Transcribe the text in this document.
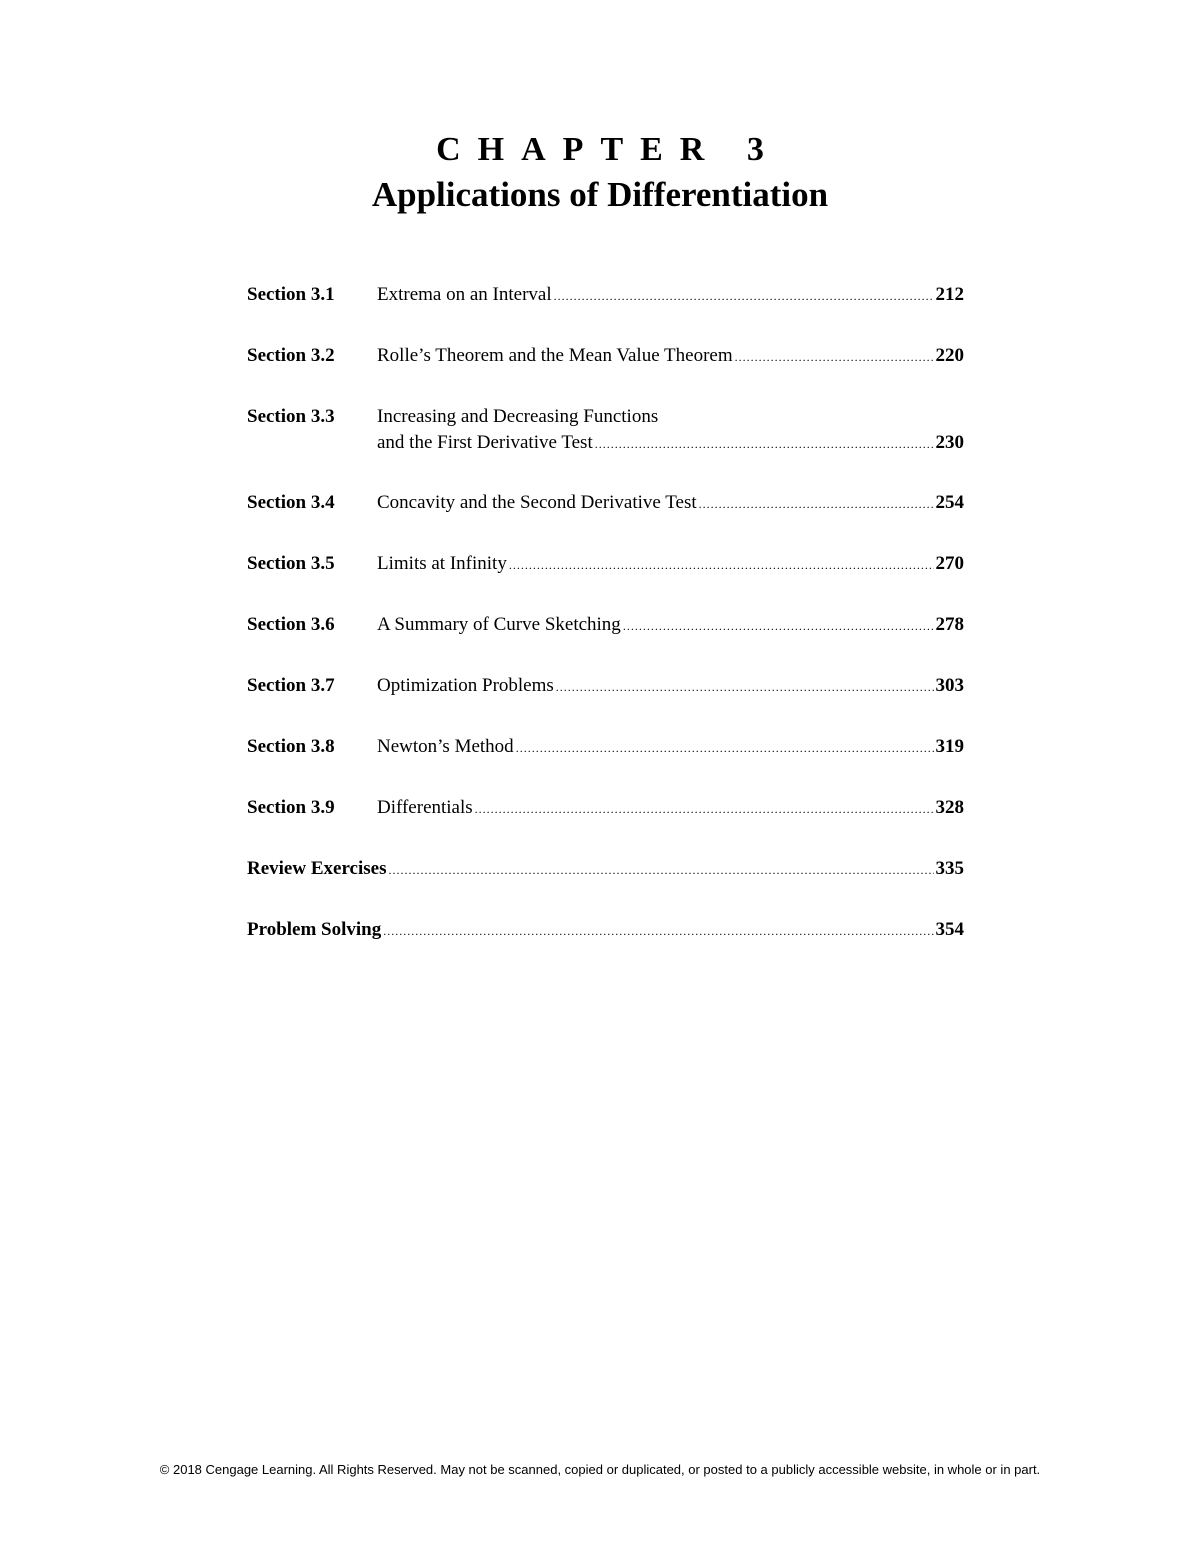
CHAPTER 3
Applications of Differentiation
Section 3.1 Extrema on an Interval .....	212
Section 3.2 Rolle’s Theorem and the Mean Value Theorem .....	220
Section 3.3 Increasing and Decreasing Functions
and the First Derivative Test .....	230
Section 3.4 Concavity and the Second Derivative Test .....	254
Section 3.5 Limits at Infinity .....	270
Section 3.6 A Summary of Curve Sketching .....	278
Section 3.7 Optimization Problems .....	303
Section 3.8 Newton’s Method .....	319
Section 3.9 Differentials .....	328
Review Exercises .....	335
Problem Solving .....	354
© 2018 Cengage Learning. All Rights Reserved. May not be scanned, copied or duplicated, or posted to a publicly accessible website, in whole or in part.
